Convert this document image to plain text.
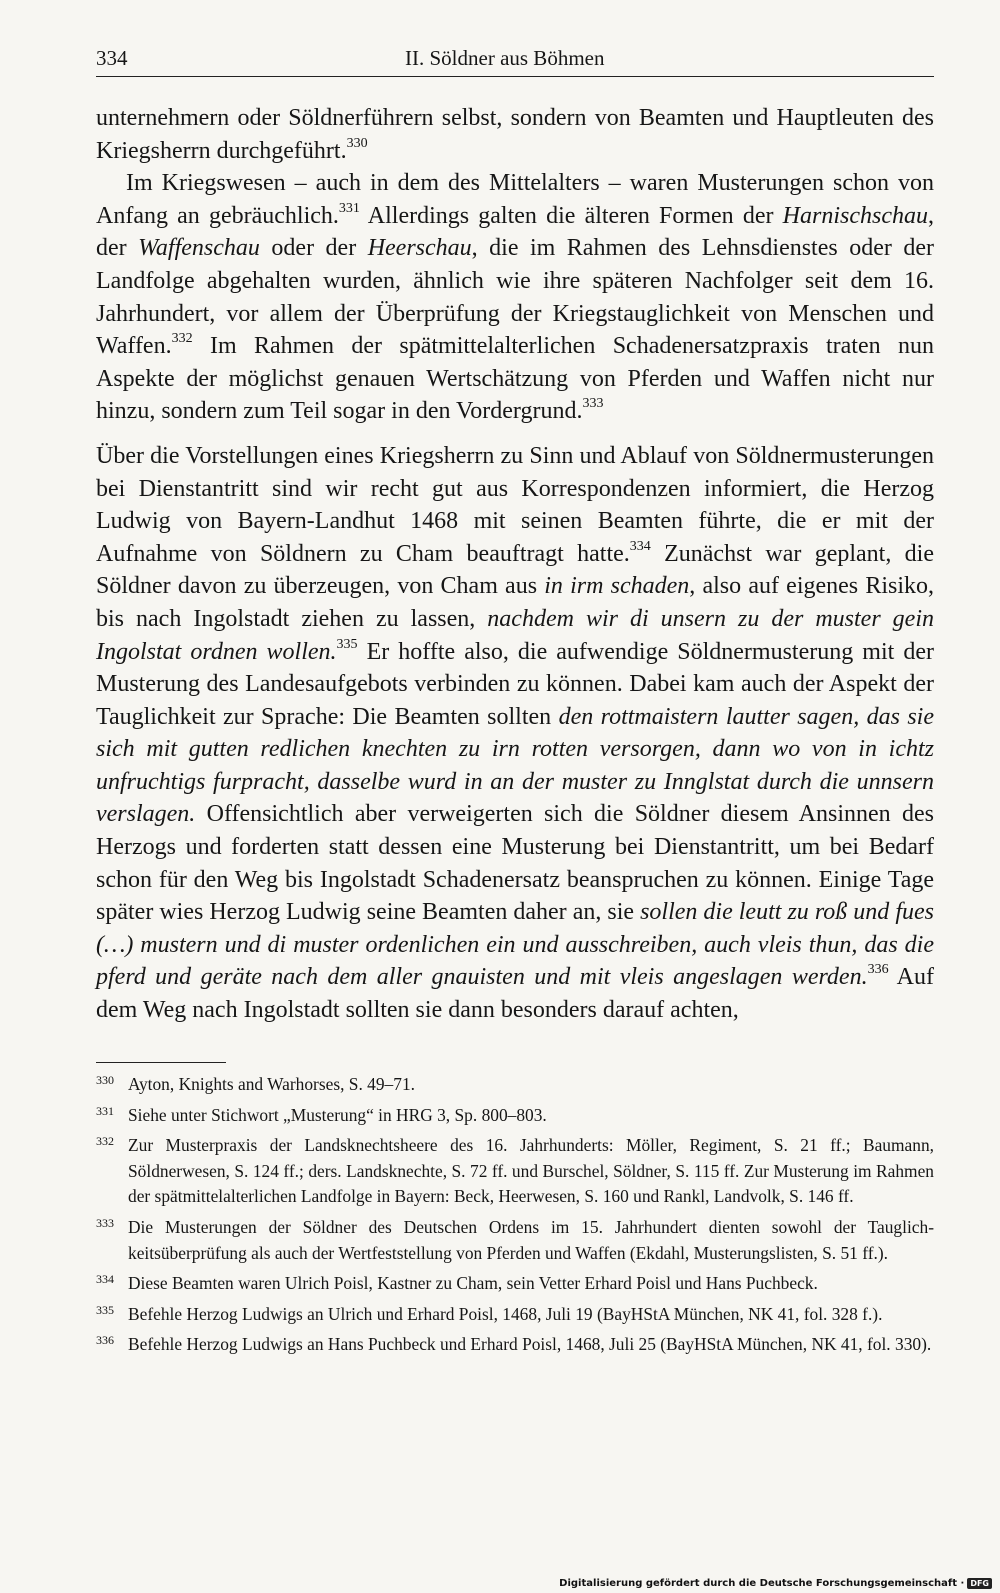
334	II. Söldner aus Böhmen

unternehmern oder Söldnerführern selbst, sondern von Beamten und Hauptleuten des Kriegsherrn durchgeführt.$^{330}$

Im Kriegswesen – auch in dem des Mittelalters – waren Musterungen schon von Anfang an gebräuchlich.$^{331}$ Allerdings galten die älteren Formen der Harnischschau, der Waffenschau oder der Heerschau, die im Rahmen des Lehnsdienstes oder der Landfolge abgehalten wurden, ähnlich wie ihre späteren Nachfolger seit dem 16. Jahrhundert, vor allem der Überprüfung der Kriegstauglichkeit von Menschen und Waffen.$^{332}$ Im Rahmen der spätmittelalterlichen Schadenersatzpraxis traten nun Aspekte der möglichst genauen Wertschätzung von Pferden und Waffen nicht nur hinzu, sondern zum Teil sogar in den Vordergrund.$^{333}$

Über die Vorstellungen eines Kriegsherrn zu Sinn und Ablauf von Söldnermusterungen bei Dienstantritt sind wir recht gut aus Korrespondenzen informiert, die Herzog Ludwig von Bayern-Landhut 1468 mit seinen Beamten führte, die er mit der Aufnahme von Söldnern zu Cham beauftragt hatte.$^{334}$ Zunächst war geplant, die Söldner davon zu überzeugen, von Cham aus in irm schaden, also auf eigenes Risiko, bis nach Ingolstadt ziehen zu lassen, nachdem wir di unsern zu der muster gein Ingolstat ordnen wollen.$^{335}$ Er hoffte also, die aufwendige Söldnermusterung mit der Musterung des Landesaufgebots verbinden zu können. Dabei kam auch der Aspekt der Tauglichkeit zur Sprache: Die Beamten sollten den rottmaistern lautter sagen, das sie sich mit gutten redlichen knechten zu irn rotten versorgen, dann wo von in ichtz unfruchtigs furpracht, dasselbe wurd in an der muster zu Innglstat durch die unnsern verslagen. Offensichtlich aber verweigerten sich die Söldner diesem Ansinnen des Herzogs und forderten statt dessen eine Musterung bei Dienstantritt, um bei Bedarf schon für den Weg bis Ingolstadt Schadenersatz beanspruchen zu können. Einige Tage später wies Herzog Ludwig seine Beamten daher an, sie sollen die leutt zu roß und fues (…) mustern und di muster ordenlichen ein und ausschreiben, auch vleis thun, das die pferd und geräte nach dem aller gnauisten und mit vleis angeslagen werden.$^{336}$ Auf dem Weg nach Ingolstadt sollten sie dann besonders darauf achten,

330 Ayton, Knights and Warhorses, S. 49–71.
331 Siehe unter Stichwort „Musterung“ in HRG 3, Sp. 800–803.
332 Zur Musterpraxis der Landsknechtsheere des 16. Jahrhunderts: Möller, Regiment, S. 21 ff.; Baumann, Söldnerwesen, S. 124 ff.; ders. Landsknechte, S. 72 ff. und Burschel, Söldner, S. 115 ff. Zur Musterung im Rahmen der spätmittelalterlichen Landfolge in Bayern: Beck, Heerwesen, S. 160 und Rankl, Landvolk, S. 146 ff.
333 Die Musterungen der Söldner des Deutschen Ordens im 15. Jahrhundert dienten sowohl der Tauglichkeitsüberprüfung als auch der Wertfeststellung von Pferden und Waffen (Ekdahl, Musterungslisten, S. 51 ff.).
334 Diese Beamten waren Ulrich Poisl, Kastner zu Cham, sein Vetter Erhard Poisl und Hans Puchbeck.
335 Befehle Herzog Ludwigs an Ulrich und Erhard Poisl, 1468, Juli 19 (BayHStA München, NK 41, fol. 328 f.).
336 Befehle Herzog Ludwigs an Hans Puchbeck und Erhard Poisl, 1468, Juli 25 (BayHStA München, NK 41, fol. 330).
Digitalisierung gefördert durch die Deutsche Forschungsgemeinschaft · DFG
